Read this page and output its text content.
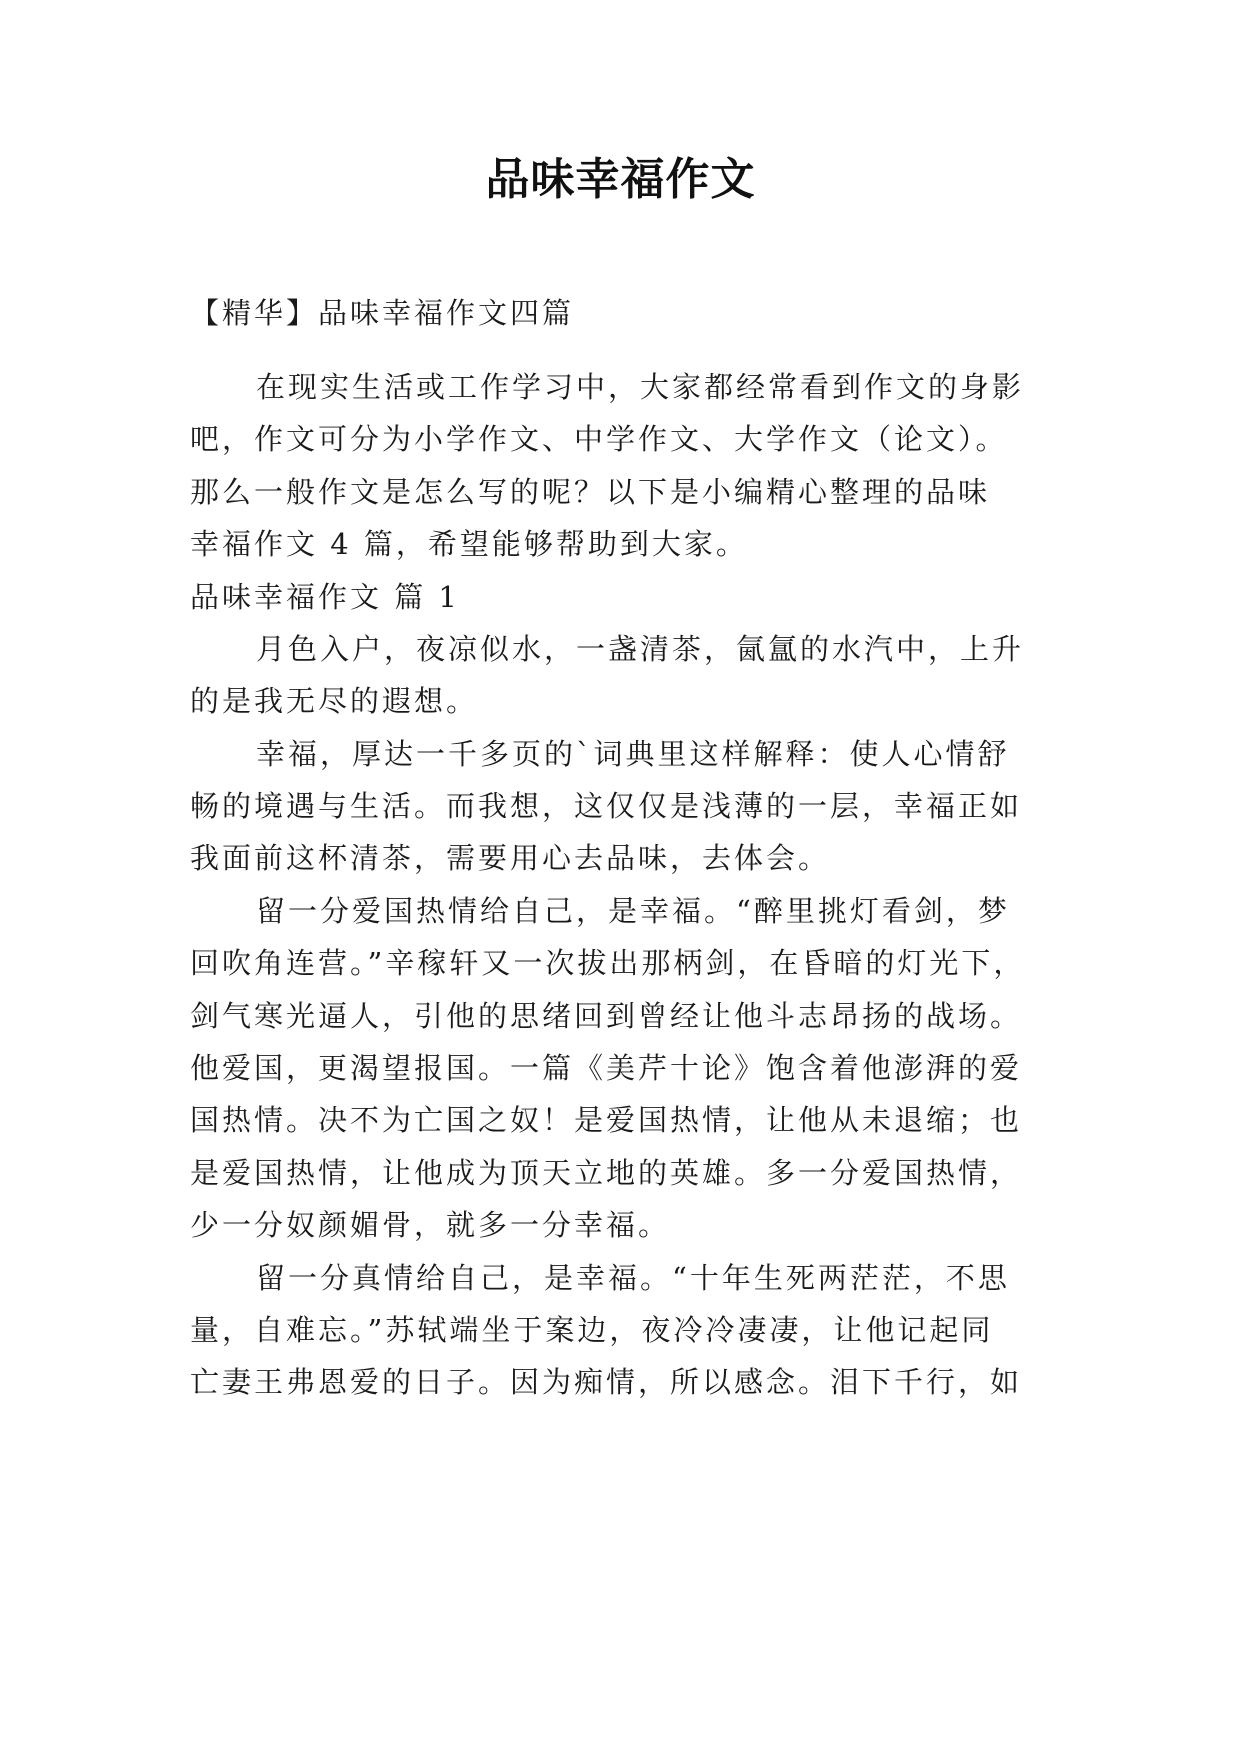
品味幸福作文

【精华】品味幸福作文四篇

在现实生活或工作学习中，大家都经常看到作文的身影

吧，作文可分为小学作文、中学作文、大学作文（论文）。

那么一般作文是怎么写的呢？以下是小编精心整理的品味

幸福作文 4 篇，希望能够帮助到大家。

品味幸福作文 篇 1

月色入户，夜凉似水，一盏清茶，氤氲的水汽中，上升

的是我无尽的遐想。

幸福，厚达一千多页的`词典里这样解释：使人心情舒

畅的境遇与生活。而我想，这仅仅是浅薄的一层，幸福正如

我面前这杯清茶，需要用心去品味，去体会。

留一分爱国热情给自己，是幸福。“醉里挑灯看剑，梦

回吹角连营。”辛稼轩又一次拔出那柄剑，在昏暗的灯光下，

剑气寒光逼人，引他的思绪回到曾经让他斗志昂扬的战场。

他爱国，更渴望报国。一篇《美芹十论》饱含着他澎湃的爱

国热情。决不为亡国之奴！是爱国热情，让他从未退缩；也

是爱国热情，让他成为顶天立地的英雄。多一分爱国热情，

少一分奴颜媚骨，就多一分幸福。

留一分真情给自己，是幸福。“十年生死两茫茫，不思

量，自难忘。”苏轼端坐于案边，夜冷冷凄凄，让他记起同

亡妻王弗恩爱的日子。因为痴情，所以感念。泪下千行，如
